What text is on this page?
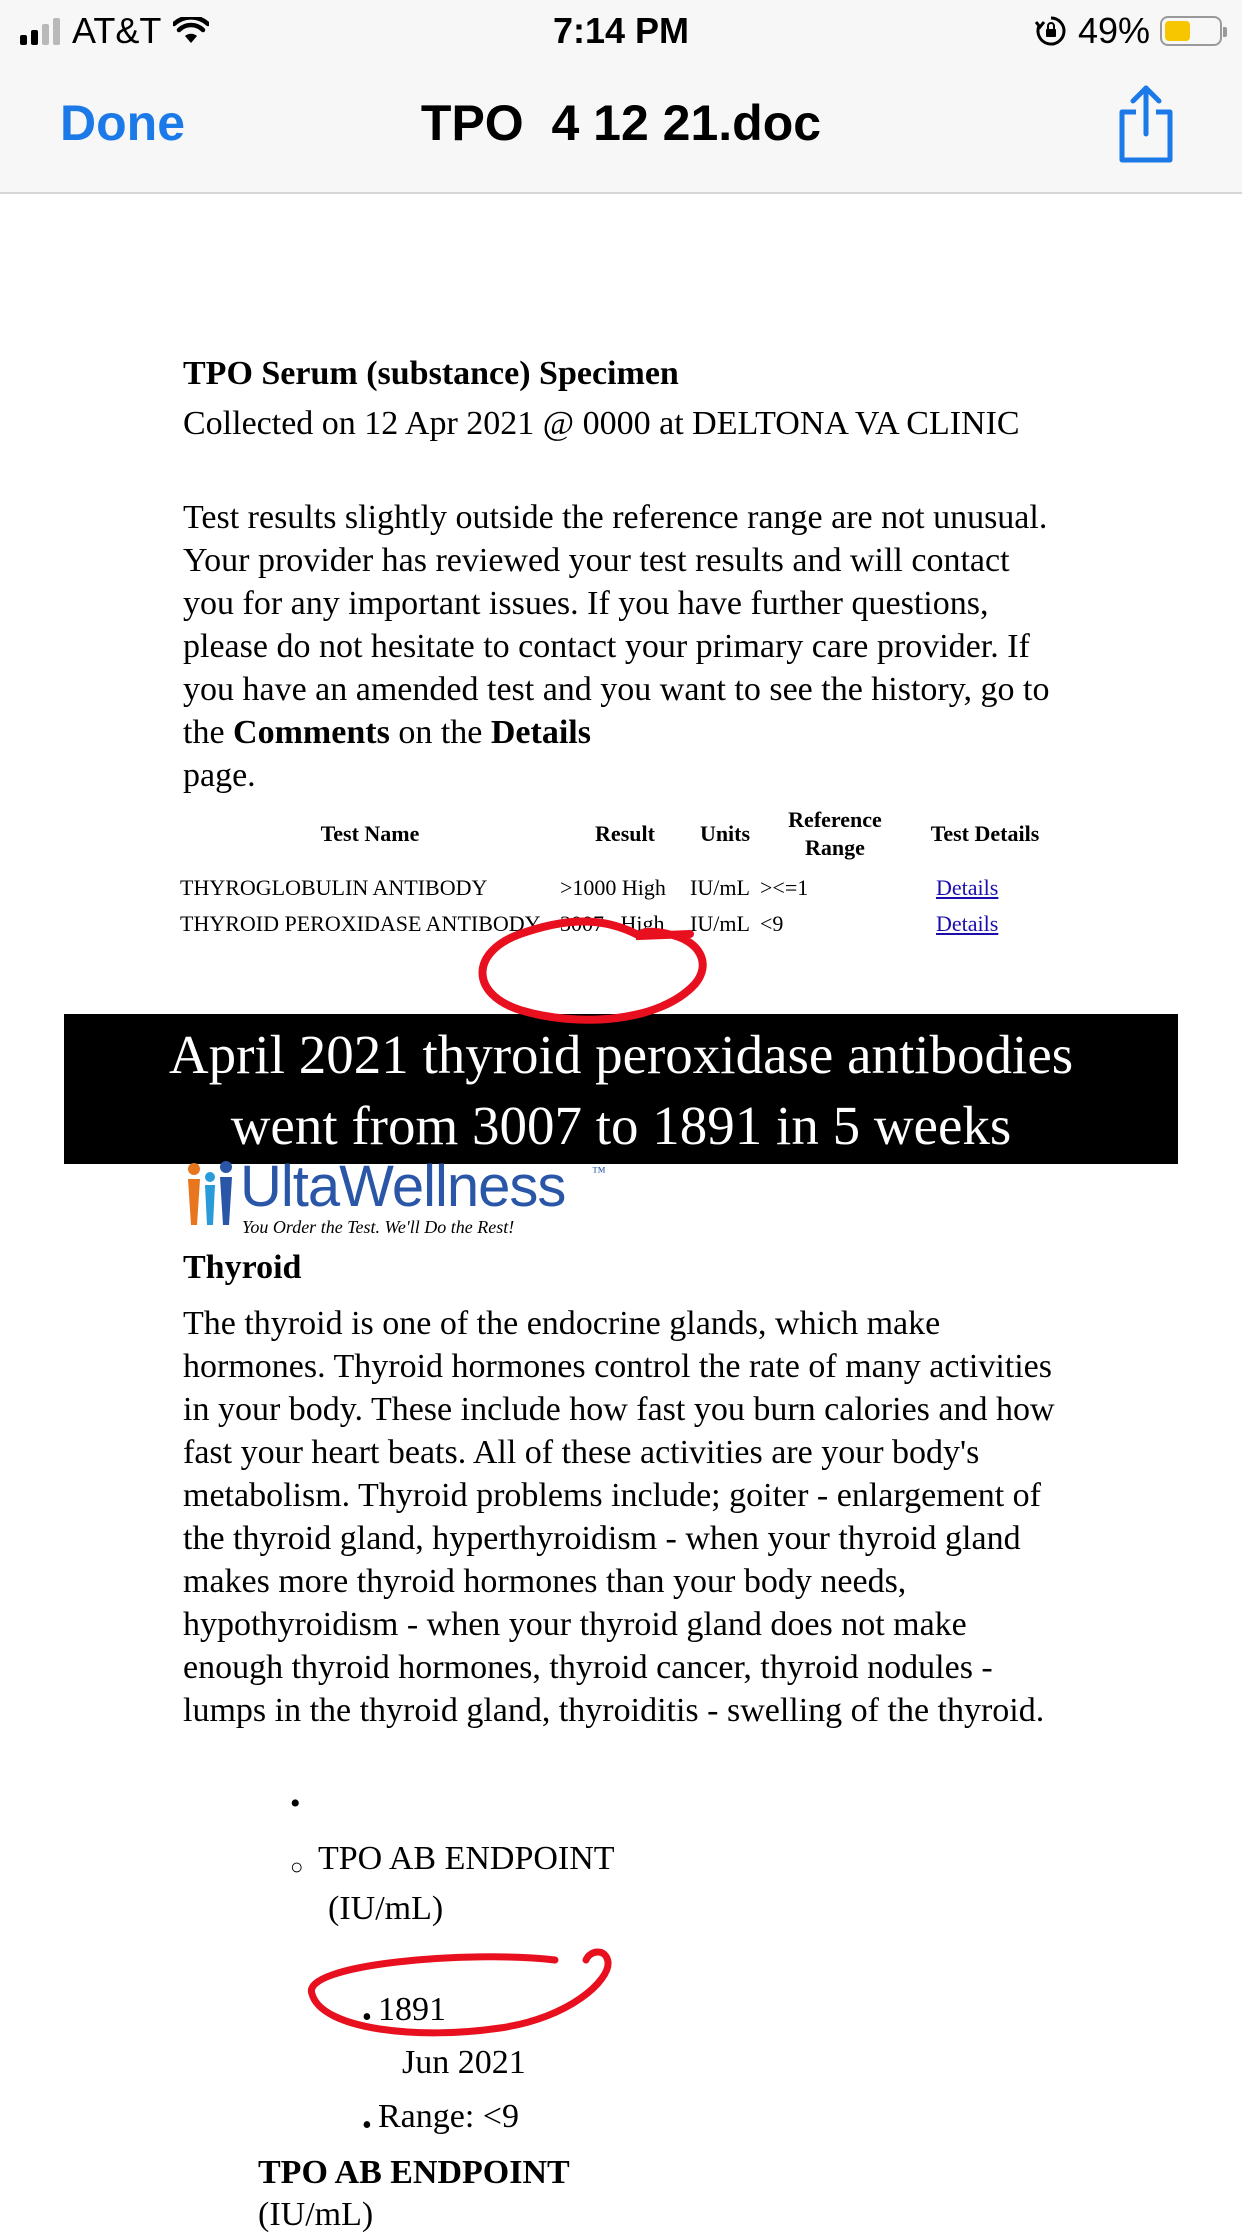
AT&T	7:14 PM	49%
Done	TPO  4 12 21.doc
TPO Serum (substance) Specimen
Collected on 12 Apr 2021 @ 0000 at DELTONA VA CLINIC
Test results slightly outside the reference range are not unusual. Your provider has reviewed your test results and will contact you for any important issues. If you have further questions, please do not hesitate to contact your primary care provider. If you have an amended test and you want to see the history, go to the Comments on the Details
page.
Test Name	Result	Units	Reference Range	Test Details
THYROGLOBULIN ANTIBODY	>1000 High	IU/mL	><=1	Details
THYROID PEROXIDASE ANTIBODY	3007   High	IU/mL	<9	Details
April 2021 thyroid peroxidase antibodies
went from 3007 to 1891 in 5 weeks
UltaWellness ™
You Order the Test. We'll Do the Rest!
Thyroid
The thyroid is one of the endocrine glands, which make hormones. Thyroid hormones control the rate of many activities in your body. These include how fast you burn calories and how fast your heart beats. All of these activities are your body's metabolism. Thyroid problems include; goiter - enlargement of the thyroid gland, hyperthyroidism - when your thyroid gland makes more thyroid hormones than your body needs, hypothyroidism - when your thyroid gland does not make enough thyroid hormones, thyroid cancer, thyroid nodules - lumps in the thyroid gland, thyroiditis - swelling of the thyroid.
•
○ TPO AB ENDPOINT
(IU/mL)
• 1891
Jun 2021
• Range: <9
TPO AB ENDPOINT
(IU/mL)
